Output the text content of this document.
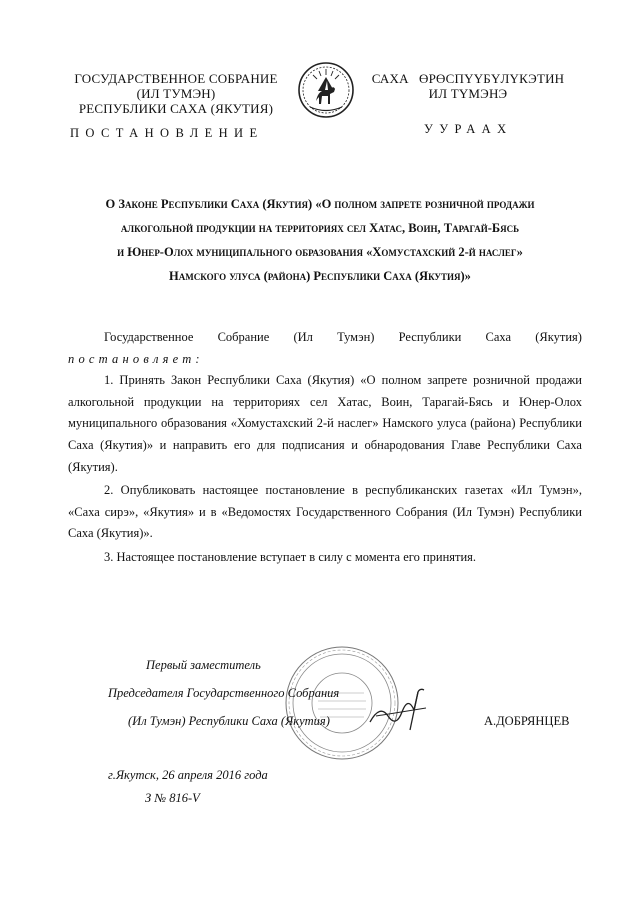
ГОСУДАРСТВЕННОЕ СОБРАНИЕ
(ИЛ ТУМЭН)
РЕСПУБЛИКИ САХА (ЯКУТИЯ)
САХА   ӨРӨСПҮҮБҮЛҮКЭТИН
ИЛ ТҮМЭНЭ
ПОСТАНОВЛЕНИЕ	УУРААХ
О Законе Республики Саха (Якутия) «О полном запрете розничной продажи
алкогольной продукции на территориях сел Хатас, Воин, Тарагай-Бясь
и Юнер-Олох муниципального образования «Хомустахский 2-й наслег»
Намского улуса (района) Республики Саха (Якутия)»
Государственное Собрание (Ил Тумэн) Республики Саха (Якутия)
постановляет:

1. Принять Закон Республики Саха (Якутия) «О полном запрете розничной продажи алкогольной продукции на территориях сел Хатас, Воин, Тарагай-Бясь и Юнер-Олох муниципального образования «Хомустахский 2-й наслег» Намского улуса (района) Республики Саха (Якутия)» и направить его для подписания и обнародования Главе Республики Саха (Якутия).

2. Опубликовать настоящее постановление в республиканских газетах «Ил Тумэн», «Саха сирэ», «Якутия» и в «Ведомостях Государственного Собрания (Ил Тумэн) Республики Саха (Якутия)».

3. Настоящее постановление вступает в силу с момента его принятия.

Первый заместитель
Председателя Государственного Собрания
(Ил Тумэн) Республики Саха (Якутия)	А.ДОБРЯНЦЕВ
г.Якутск, 26 апреля 2016 года
З № 816-V
